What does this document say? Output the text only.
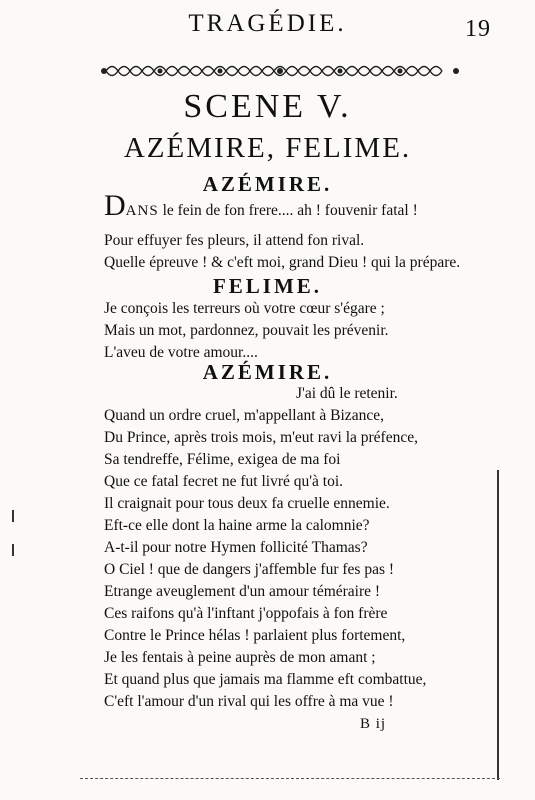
TRAGÉDIE.	19
SCENE V.
AZÉMIRE, FELIME.
AZÉMIRE.
DANS le fein de fon frere.... ah ! fouvenir fatal !
Pour effuyer fes pleurs, il attend fon rival.
Quelle épreuve ! & c'eft moi, grand Dieu ! qui la prépare.
FELIME.
Je conçois les terreurs où votre cœur s'égare ;
Mais un mot, pardonnez, pouvait les prévenir.
L'aveu de votre amour....
AZÉMIRE.
J'ai dû le retenir.
Quand un ordre cruel, m'appellant à Bizance,
Du Prince, après trois mois, m'eut ravi la préfence,
Sa tendreffe, Félime, exigea de ma foi
Que ce fatal fecret ne fut livré qu'à toi.
Il craignait pour tous deux fa cruelle ennemie.
Eft-ce elle dont la haine arme la calomnie?
A-t-il pour notre Hymen follicité Thamas?
O Ciel ! que de dangers j'affemble fur fes pas !
Etrange aveuglement d'un amour téméraire !
Ces raifons qu'à l'inftant j'oppofais à fon frère
Contre le Prince hélas ! parlaient plus fortement,
Je les fentais à peine auprès de mon amant ;
Et quand plus que jamais ma flamme eft combattue,
C'eft l'amour d'un rival qui les offre à ma vue !
B ij
